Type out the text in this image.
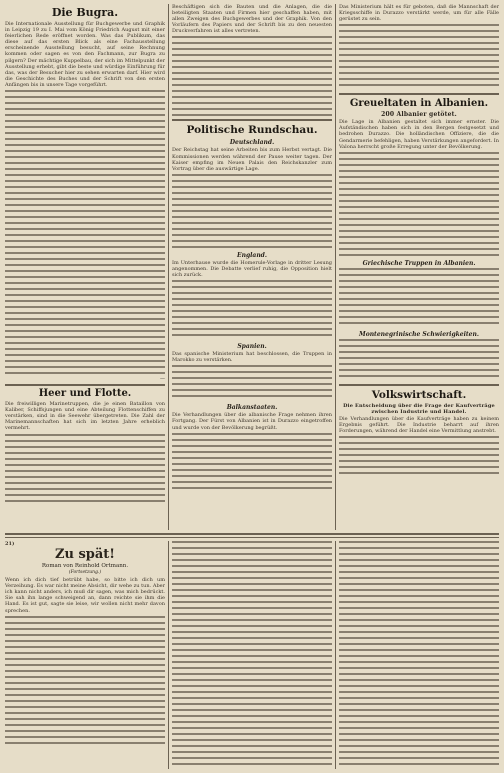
Die Bugra.

Die Internationale Ausstellung für Buchgewerbe und Graphik in Leipzig 19 zu I. Mai vom König Friedrich August mit einer feierlichen Rede eröffnet worden. Was das Publikum, das diese auf das ersten Blick als eine Fachausstellung erscheinende Ausstellung besucht, auf seine Rechnung kommen oder sagen es von den Fachmann, zur Bugra zu pilgern? Der mächtige Kuppelbau, der sich im Mittelpunkt der Ausstellung erhebt, gibt die beste und würdige Einführung für das, was der Besucher hier zu sehen erwarten darf. Hier wird die Geschichte des Buches und der Schrift von den ersten Anfängen bis in unsere Tage vorgeführt.

—

Heer und Flotte.

Die freiwilligen Marinetruppen, die je einen Bataillon von Kaliber, Schiffsjungen und eine Abteilung Flottenschiffen zu verstärken, sind in die Seewehr übergetreten. Die Zahl der Marinemannschaften hat sich im letzten Jahre erheblich vermehrt.

Beschäftigen sich die Bauten und die Anlagen, die die beteiligten Staaten und Firmen hier geschaffen haben, mit allen Zweigen des Buchgewerbes und der Graphik. Von den Vorläufern des Papiers und der Schrift bis zu den neuesten Druckverfahren ist alles vertreten.

Politische Rundschau.

Deutschland.

Der Reichstag hat seine Arbeiten bis zum Herbst vertagt. Die Kommissionen werden während der Pause weiter tagen. Der Kaiser empfing im Neuen Palais den Reichskanzler zum Vortrag über die auswärtige Lage.

England.

Im Unterhause wurde die Homerule-Vorlage in dritter Lesung angenommen. Die Debatte verlief ruhig, die Opposition hielt sich zurück.

Spanien.

Das spanische Ministerium hat beschlossen, die Truppen in Marokko zu verstärken.

Balkanstaaten.

Die Verhandlungen über die albanische Frage nehmen ihren Fortgang. Der Fürst von Albanien ist in Durazzo eingetroffen und wurde von der Bevölkerung begrüßt.

Das Ministerium hält es für geboten, daß die Mannschaft der Kriegsschiffe in Durazzo verstärkt werde, um für alle Fälle gerüstet zu sein.

Greueltaten in Albanien.

200 Albanier getötet.

Die Lage in Albanien gestaltet sich immer ernster. Die Aufständischen haben sich in den Bergen festgesetzt und bedrohen Durazzo. Die holländischen Offiziere, die die Gendarmerie befehligen, haben Verstärkungen angefordert. In Valona herrscht große Erregung unter der Bevölkerung.

Griechische Truppen in Albanien.

Montenegrinische Schwierigkeiten.

Volkswirtschaft.

Die Entscheidung über die Frage der Kaufverträge zwischen Industrie und Handel.

Die Verhandlungen über die Kaufverträge haben zu keinem Ergebnis geführt. Die Industrie beharrt auf ihren Forderungen, während der Handel eine Vermittlung anstrebt.

21)

Zu spät!

Roman von Reinhold Ortmann.

(Fortsetzung.)

Wenn ich dich tief betrübt habe, so bitte ich dich um Verzeihung. Es war nicht meine Absicht, dir wehe zu tun. Aber ich kann nicht anders, ich muß dir sagen, was mich bedrückt. Sie sah ihn lange schweigend an, dann reichte sie ihm die Hand. Es ist gut, sagte sie leise, wir wollen nicht mehr davon sprechen.
